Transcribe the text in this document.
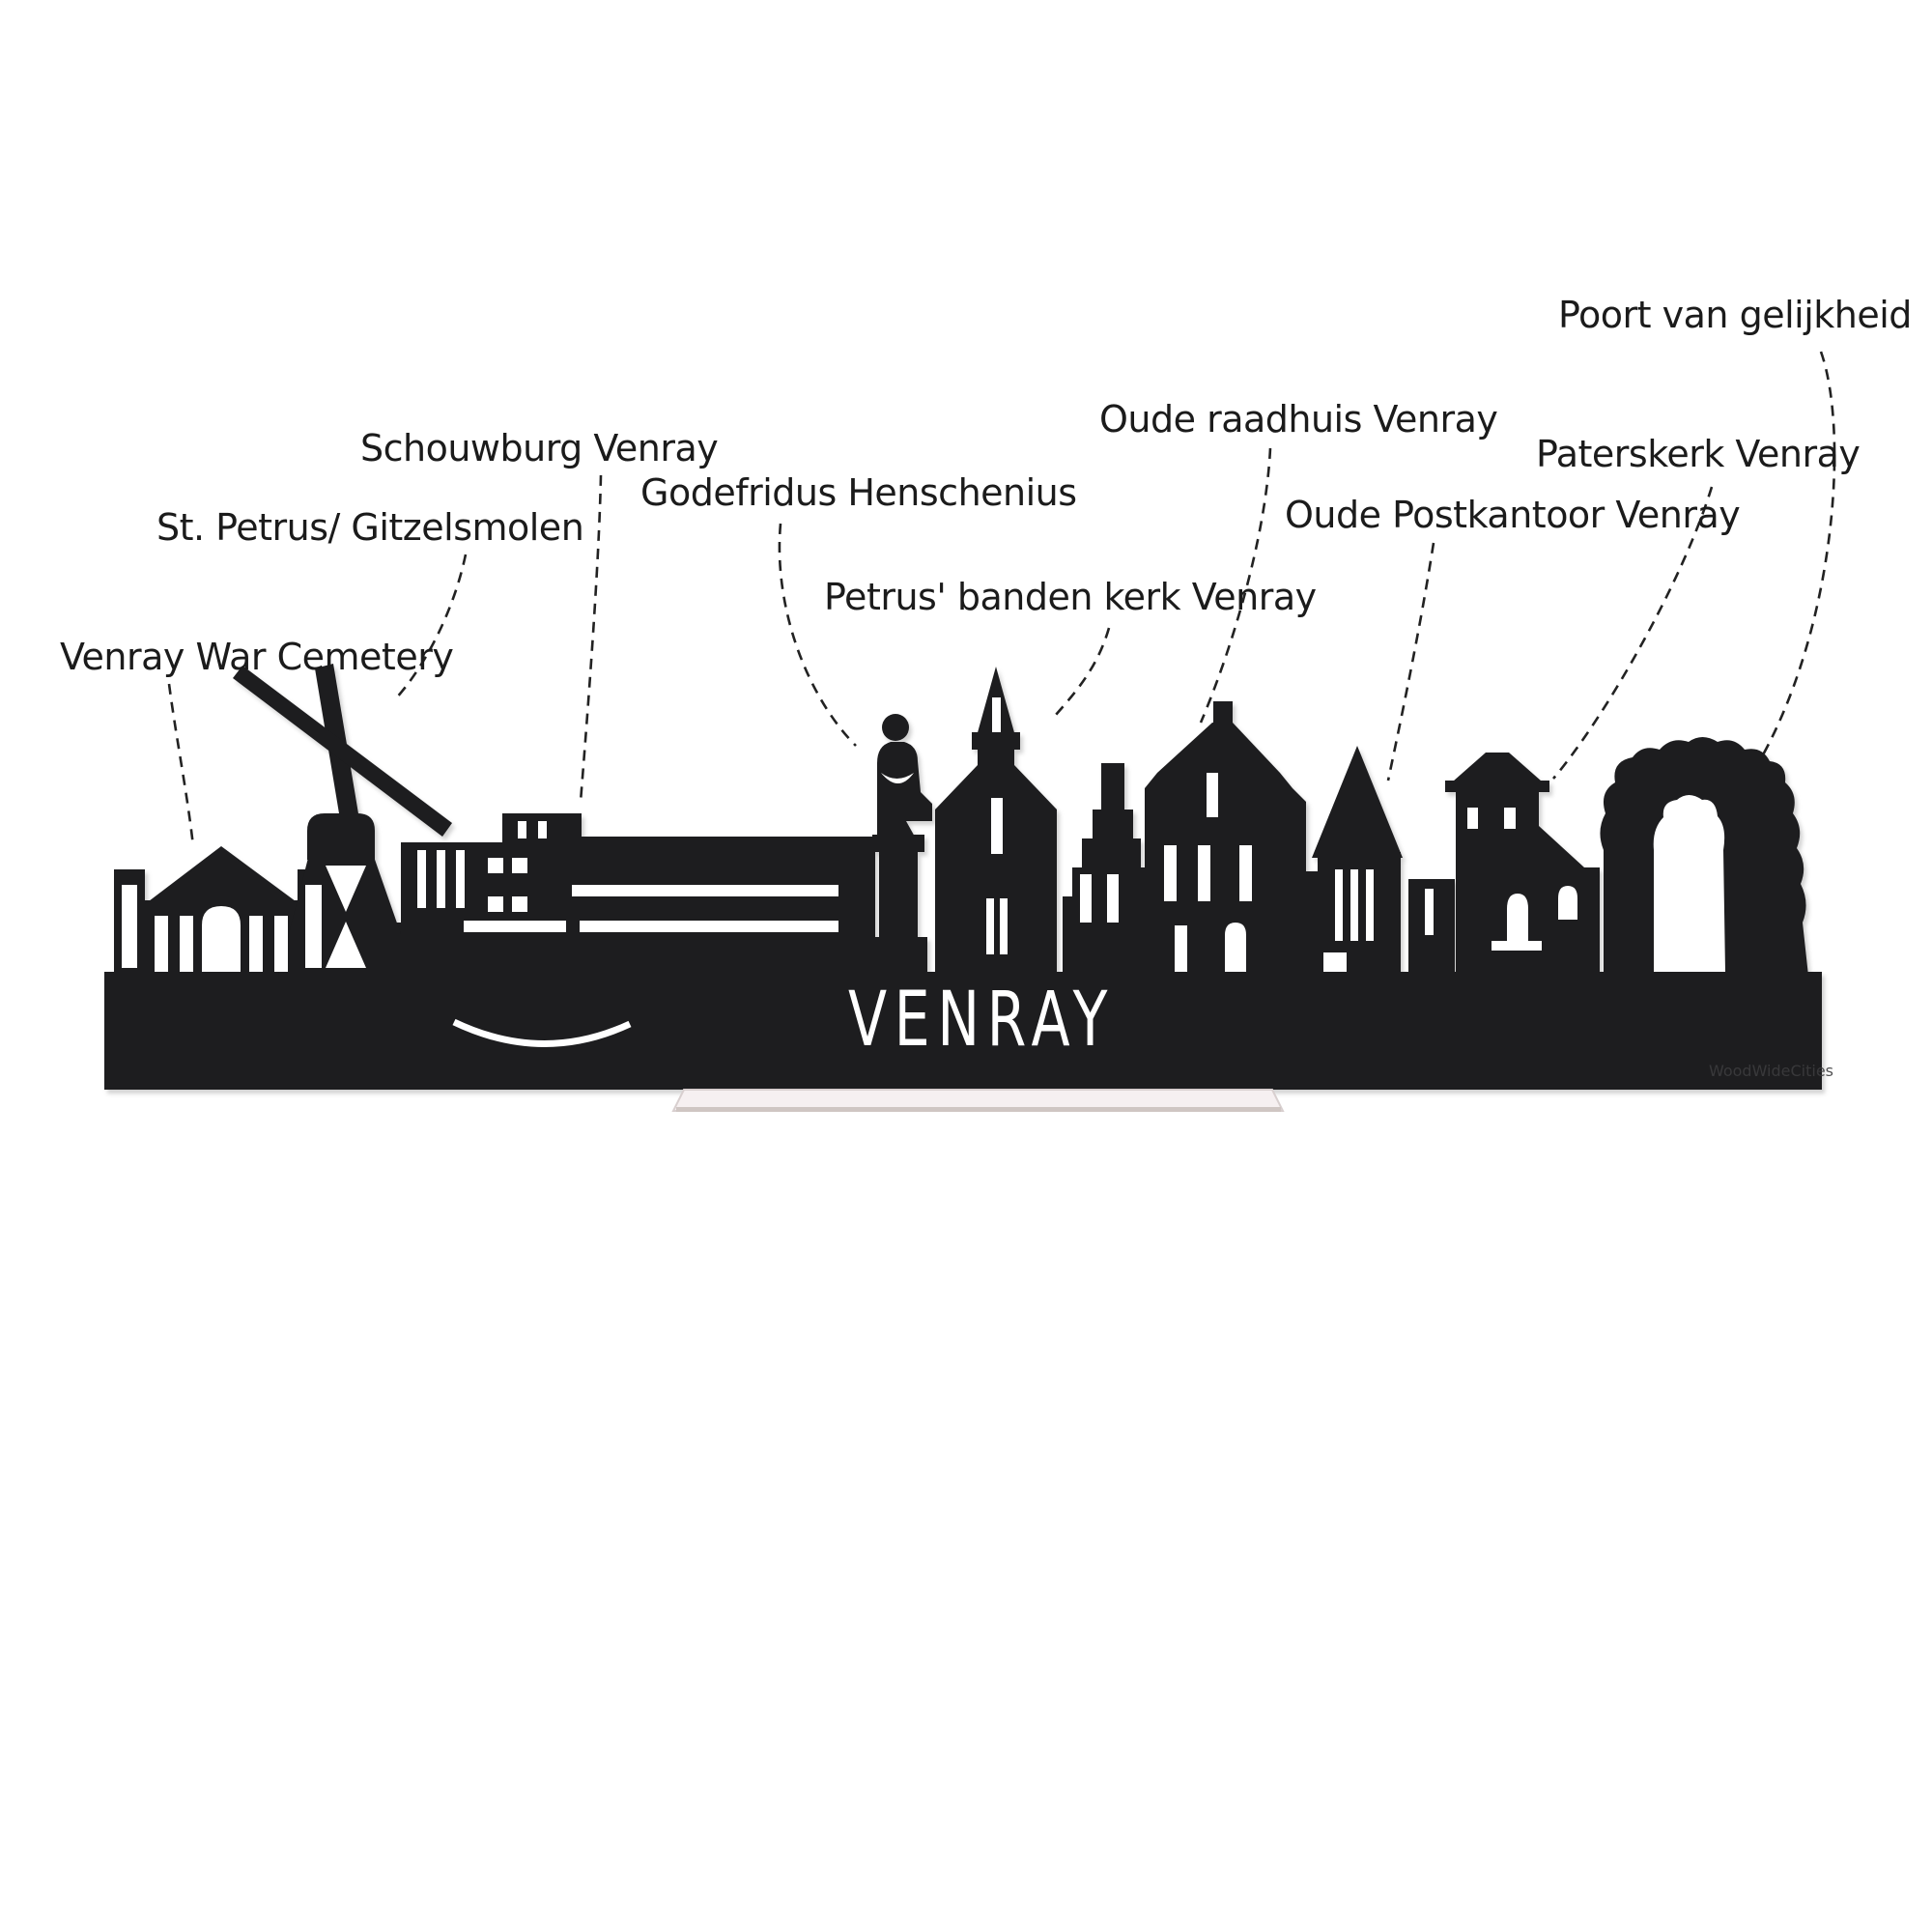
VENRAY
WoodWideCities
Venray War Cemetery
St. Petrus/ Gitzelsmolen
Schouwburg Venray
Godefridus Henschenius
Petrus' banden kerk Venray
Oude raadhuis Venray
Oude Postkantoor Venray
Paterskerk Venray
Poort van gelijkheid
